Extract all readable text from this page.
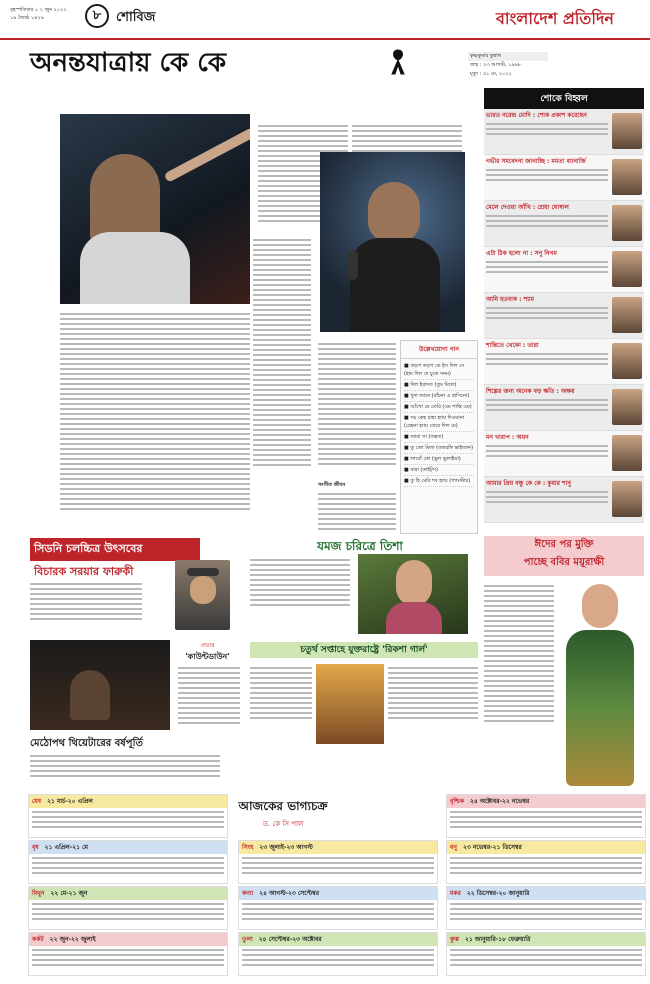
বৃহস্পতিবার ০ ২ জুন ২০২২
১৯ জ্যৈষ্ঠ ১৪২৯	৮	শোবিজ	বাংলাদেশ প্রতিদিন
অনন্তযাত্রায় কে কে	কৃষ্ণকুমার কুন্নাথ
জন্ম : ২৩ আগস্ট, ১৯৬৮
মৃত্যু : ৩১ মে, ২০২২
সংগীত জীবন
উল্লেখযোগ্য গান
■ তড়প তড়প কে ইস দিল সে (হাম দিল দে চুকে সনম)
■ দিল ইবাদত (তুম মিলে)
■ খুদা জানে (বাঁচনা এ হাসিনো)
■ আঁখো মে তেরি (ওম শান্তি ওম)
■ সচ কেহ রাহা হ্যায় দিওয়ানা (রেহনা হ্যায় তেরে দিল মে)
■ জারা সা (জন্নত)
■ তু জো মিলা (বজরঙ্গি ভাইজান)
■ লাবোঁ কো (ভুল ভুলাইয়া)
■ যারা (কাইট্‌স)
■ তু হি মেরি শব হ্যায় (গ্যাংস্টার)
শোকে বিহ্বল
ভারত নরেন্দ্র মোদি : শোক প্রকাশ করেছেন
গভীর সমবেদনা জানাচ্ছি : মমতা ব্যানার্জি
মেলে দেওয়া আঁখি : শ্রেয়া ঘোষাল
এটা ঠিক হলো না : সনু নিগম
আমি হতবাক : শ্যাম
শান্তিতে থেকো : তারা
শিল্পের জন্য অনেক বড় ক্ষতি : অক্ষয়
মন খারাপ : অয়ন
আমার প্রিয় বন্ধু কে কে : কুমার শানু
সিডনি চলচ্চিত্র উৎসবের
বিচারক সরয়ার ফারুকী
মেঠোপথ থিয়েটারের বর্ষপূর্তি
প্রভার
'কাউন্টডাউন'
যমজ চরিত্রে তিশা
চতুর্থ সপ্তাহে যুক্তরাষ্ট্রে 'রিকশা গার্ল'
ঈদের পর মুক্তি
পাচ্ছে ববির ময়ূরাক্ষী
আজকের ভাগ্যচক্র
ড. কে সি পাল
মেষ ২১ মার্চ-২০ এপ্রিল
বৃষ ২১ এপ্রিল-২১ মে
মিথুন ২২ মে-২১ জুন
কর্কট ২২ জুন-২২ জুলাই
সিংহ ২৩ জুলাই-২৩ আগস্ট
কন্যা ২৪ আগস্ট-২৩ সেপ্টেম্বর
তুলা ২৪ সেপ্টেম্বর-২৩ অক্টোবর
বৃশ্চিক ২৪ অক্টোবর-২২ নভেম্বর
ধনু ২৩ নভেম্বর-২১ ডিসেম্বর
মকর ২২ ডিসেম্বর-২০ জানুয়ারি
কুম্ভ ২১ জানুয়ারি-১৮ ফেব্রুয়ারি
